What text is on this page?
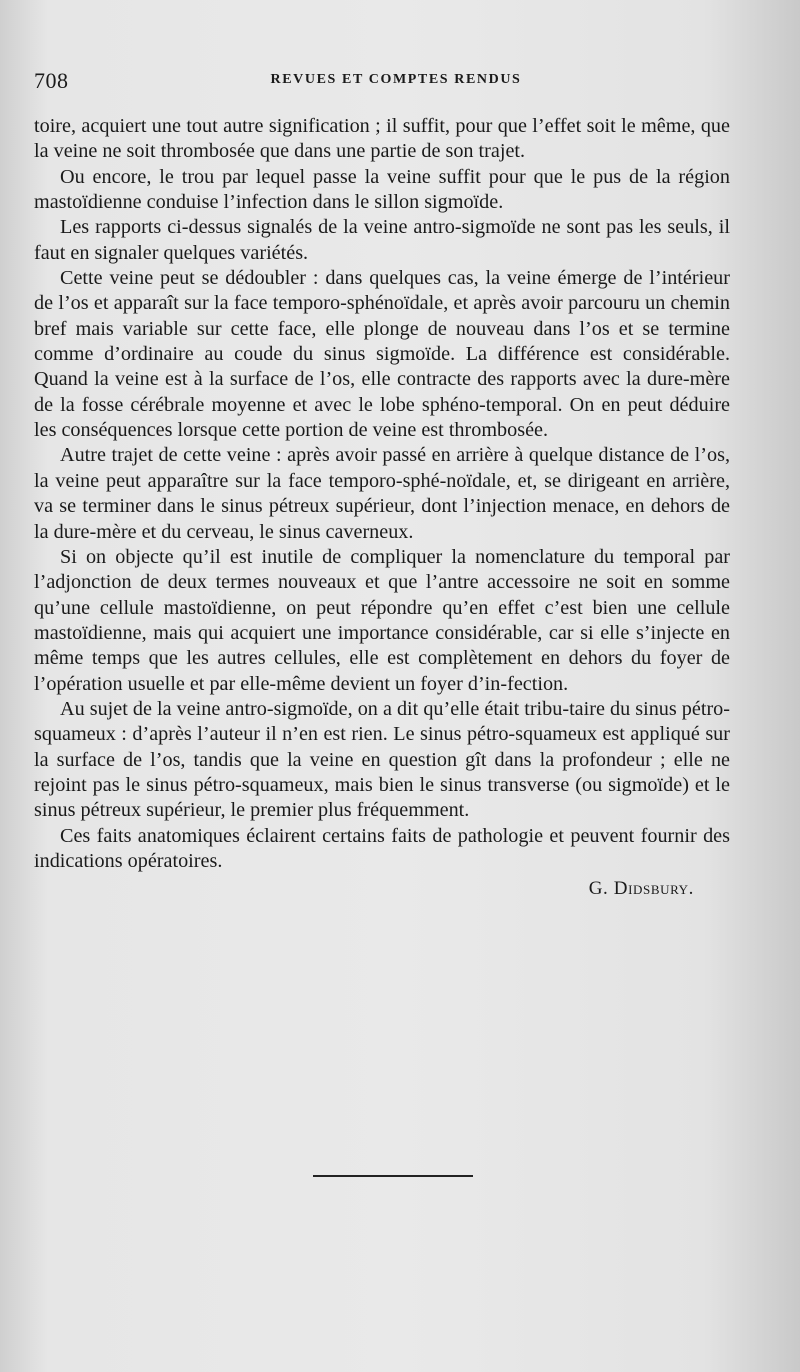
708	REVUES ET COMPTES RENDUS

toire, acquiert une tout autre signification ; il suffit, pour que l’effet soit le même, que la veine ne soit thrombosée que dans une partie de son trajet.

Ou encore, le trou par lequel passe la veine suffit pour que le pus de la région mastoïdienne conduise l’infection dans le sillon sigmoïde.

Les rapports ci-dessus signalés de la veine antro-sigmoïde ne sont pas les seuls, il faut en signaler quelques variétés.

Cette veine peut se dédoubler : dans quelques cas, la veine émerge de l’intérieur de l’os et apparaît sur la face temporo-sphénoïdale, et après avoir parcouru un chemin bref mais variable sur cette face, elle plonge de nouveau dans l’os et se termine comme d’ordinaire au coude du sinus sigmoïde. La différence est considérable. Quand la veine est à la surface de l’os, elle contracte des rapports avec la dure-mère de la fosse cérébrale moyenne et avec le lobe sphéno-temporal. On en peut déduire les conséquences lorsque cette portion de veine est thrombosée.

Autre trajet de cette veine : après avoir passé en arrière à quelque distance de l’os, la veine peut apparaître sur la face temporo-sphé-noïdale, et, se dirigeant en arrière, va se terminer dans le sinus pétreux supérieur, dont l’injection menace, en dehors de la dure-mère et du cerveau, le sinus caverneux.

Si on objecte qu’il est inutile de compliquer la nomenclature du temporal par l’adjonction de deux termes nouveaux et que l’antre accessoire ne soit en somme qu’une cellule mastoïdienne, on peut répondre qu’en effet c’est bien une cellule mastoïdienne, mais qui acquiert une importance considérable, car si elle s’injecte en même temps que les autres cellules, elle est complètement en dehors du foyer de l’opération usuelle et par elle-même devient un foyer d’in-fection.

Au sujet de la veine antro-sigmoïde, on a dit qu’elle était tribu-taire du sinus pétro-squameux : d’après l’auteur il n’en est rien. Le sinus pétro-squameux est appliqué sur la surface de l’os, tandis que la veine en question gît dans la profondeur ; elle ne rejoint pas le sinus pétro-squameux, mais bien le sinus transverse (ou sigmoïde) et le sinus pétreux supérieur, le premier plus fréquemment.

Ces faits anatomiques éclairent certains faits de pathologie et peuvent fournir des indications opératoires.

G. Didsbury.
